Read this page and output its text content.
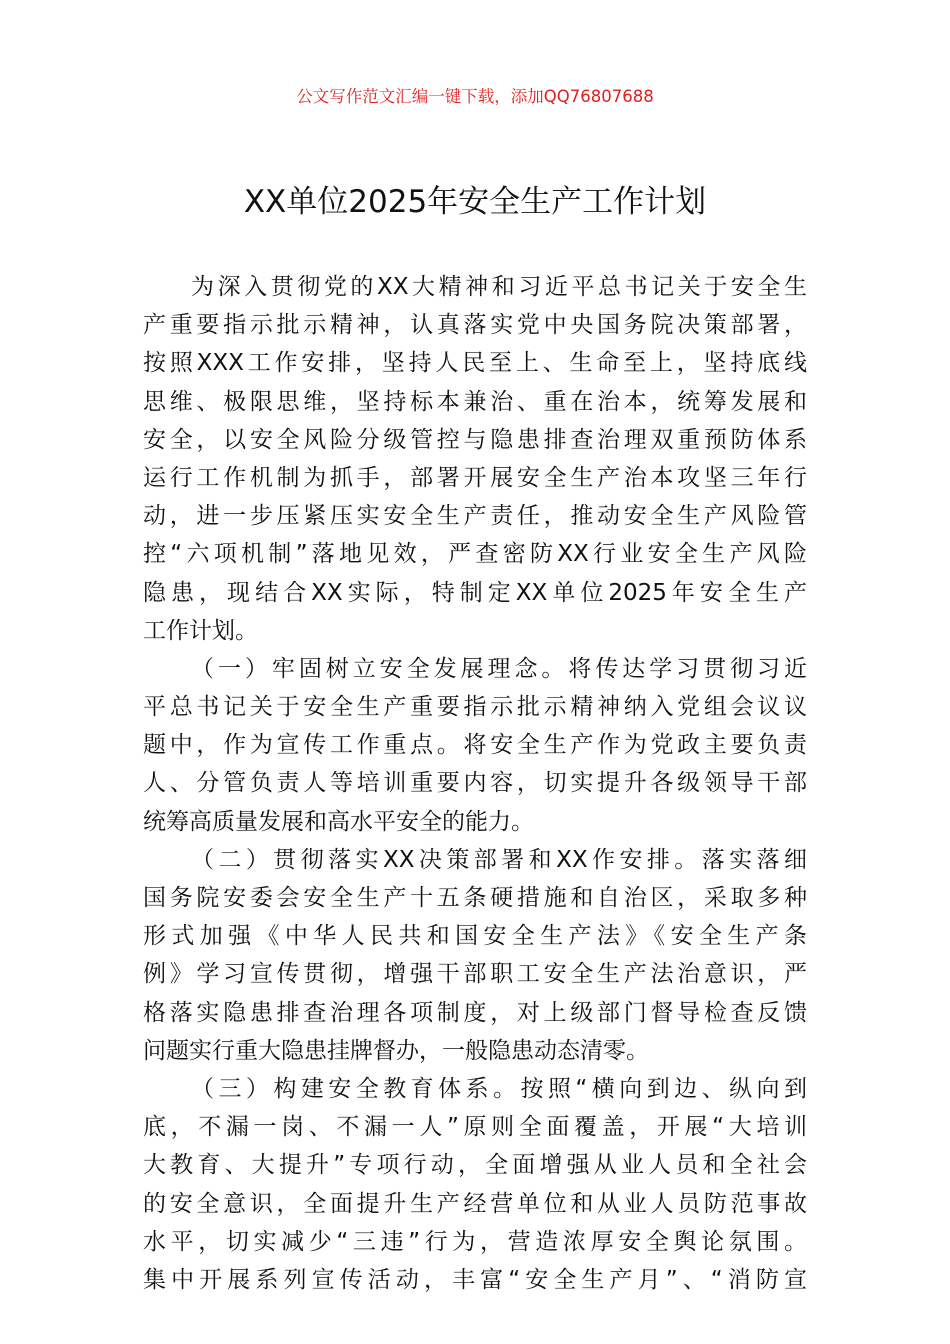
公文写作范文汇编一键下载，添加QQ76807688
XX单位2025年安全生产工作计划
为深入贯彻党的XX大精神和习近平总书记关于安全生
产重要指示批示精神，认真落实党中央国务院决策部署，
按照XXX工作安排，坚持人民至上、生命至上，坚持底线
思维、极限思维，坚持标本兼治、重在治本，统筹发展和
安全，以安全风险分级管控与隐患排查治理双重预防体系
运行工作机制为抓手，部署开展安全生产治本攻坚三年行
动，进一步压紧压实安全生产责任，推动安全生产风险管
控“六项机制”落地见效，严查密防XX行业安全生产风险
隐患，现结合XX实际，特制定XX单位2025年安全生产
工作计划。
（一）牢固树立安全发展理念。将传达学习贯彻习近
平总书记关于安全生产重要指示批示精神纳入党组会议议
题中，作为宣传工作重点。将安全生产作为党政主要负责
人、分管负责人等培训重要内容，切实提升各级领导干部
统筹高质量发展和高水平安全的能力。
（二）贯彻落实XX决策部署和XX作安排。落实落细
国务院安委会安全生产十五条硬措施和自治区，采取多种
形式加强《中华人民共和国安全生产法》《安全生产条
例》学习宣传贯彻，增强干部职工安全生产法治意识，严
格落实隐患排查治理各项制度，对上级部门督导检查反馈
问题实行重大隐患挂牌督办，一般隐患动态清零。
（三）构建安全教育体系。按照“横向到边、纵向到
底，不漏一岗、不漏一人”原则全面覆盖，开展“大培训
大教育、大提升”专项行动，全面增强从业人员和全社会
的安全意识，全面提升生产经营单位和从业人员防范事故
水平，切实减少“三违”行为，营造浓厚安全舆论氛围。
集中开展系列宣传活动，丰富“安全生产月”、“消防宣
